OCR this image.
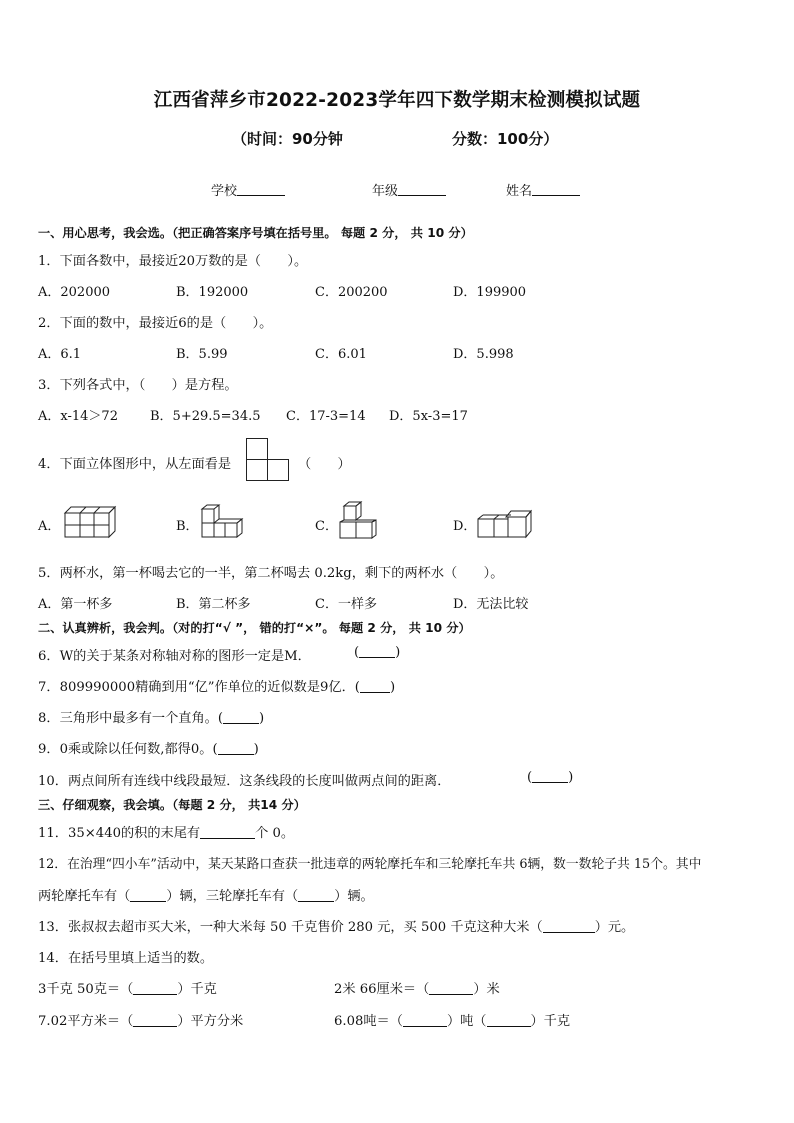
江西省萍乡市2022-2023学年四下数学期末检测模拟试题
（时间：90分钟	分数：100分）
学校	年级	姓名
一、用心思考，我会选。（把正确答案序号填在括号里。 每题 2 分， 共 10 分）
1．下面各数中，最接近20万数的是（　　）。
A．202000	B．192000	C．200200	D．199900
2．下面的数中，最接近6的是（　　）。
A．6.1	B．5.99	C．6.01	D．5.998
3．下列各式中，（　　）是方程。
A．x-14＞72 B．5+29.5=34.5 C．17-3=14 D．5x-3=17
4．下面立体图形中，从左面看是	（　　）
A．	B．	C．	D．
5．两杯水，第一杯喝去它的一半，第二杯喝去 0.2kg，剩下的两杯水（　　）。
A．第一杯多	B．第二杯多	C．一样多	D．无法比较
二、认真辨析，我会判。（对的打“√ ”， 错的打“×”。 每题 2 分， 共 10 分）
6．W的关于某条对称轴对称的图形一定是M．	(	)
7．809990000精确到用“亿”作单位的近似数是9亿．( )
8．三角形中最多有一个直角。(	)
9．0乘或除以任何数,都得0。(	)
10．两点间所有连线中线段最短．这条线段的长度叫做两点间的距离．	(	)
三、仔细观察，我会填。（每题 2 分， 共14 分）
11．35×440的积的末尾有	个 0。
12．在治理“四小车”活动中，某天某路口查获一批违章的两轮摩托车和三轮摩托车共 6辆，数一数轮子共 15个。其中
两轮摩托车有（	）辆，三轮摩托车有（	）辆。
13．张叔叔去超市买大米，一种大米每 50 千克售价 280 元，买 500 千克这种大米（	）元。
14．在括号里填上适当的数。
3千克 50克＝（	）千克	2米 66厘米＝（	）米
7.02平方米＝（	）平方分米	6.08吨＝（	）吨（	）千克
